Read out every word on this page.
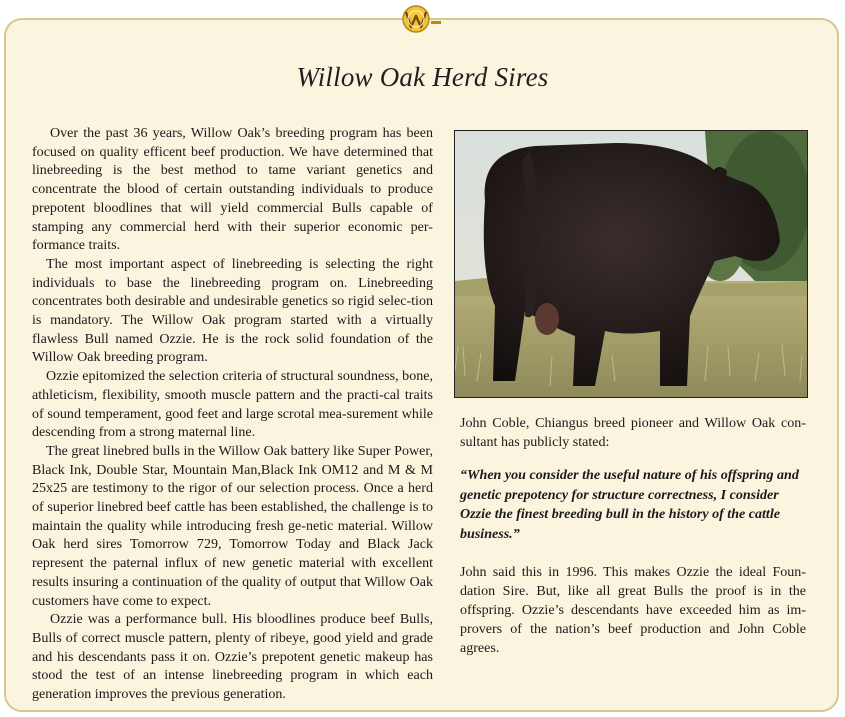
Willow Oak Herd Sires

Over the past 36 years, Willow Oak’s breeding program has been focused on quality efficent beef production. We have determined that linebreeding is the best method to tame variant genetics and concentrate the blood of certain outstanding individuals to produce prepotent bloodlines that will yield commercial Bulls capable of stamping any commercial herd with their superior economic per-formance traits.

The most important aspect of linebreeding is selecting the right individuals to base the linebreeding program on. Linebreeding concentrates both desirable and undesirable genetics so rigid selec-tion is mandatory. The Willow Oak program started with a virtually flawless Bull named Ozzie. He is the rock solid foundation of the Willow Oak breeding program.

Ozzie epitomized the selection criteria of structural soundness, bone, athleticism, flexibility, smooth muscle pattern and the practi-cal traits of sound temperament, good feet and large scrotal mea-surement while descending from a strong maternal line.

The great linebred bulls in the Willow Oak battery like Super Power, Black Ink, Double Star, Mountain Man,Black Ink OM12 and M & M 25x25 are testimony to the rigor of our selection process. Once a herd of superior linebred beef cattle has been established, the challenge is to maintain the quality while introducing fresh ge-netic material. Willow Oak herd sires Tomorrow 729, Tomorrow Today and Black Jack represent the paternal influx of new genetic material with excellent results insuring a continuation of the quality of output that Willow Oak customers have come to expect.

Ozzie was a performance bull. His bloodlines produce beef Bulls, Bulls of correct muscle pattern, plenty of ribeye, good yield and grade and his descendants pass it on. Ozzie’s prepotent genetic makeup has stood the test of an intense linebreeding program in which each generation improves the previous generation.

John Coble, Chiangus breed pioneer and Willow Oak con-sultant has publicly stated:

“When you consider the useful nature of his offspring and genetic prepotency for structure correctness, I consider Ozzie the finest breeding bull in the history of the cattle business.”

John said this in 1996. This makes Ozzie the ideal Foun-dation Sire. But, like all great Bulls the proof is in the offspring. Ozzie’s descendants have exceeded him as im-provers of the nation’s beef production and John Coble agrees.
